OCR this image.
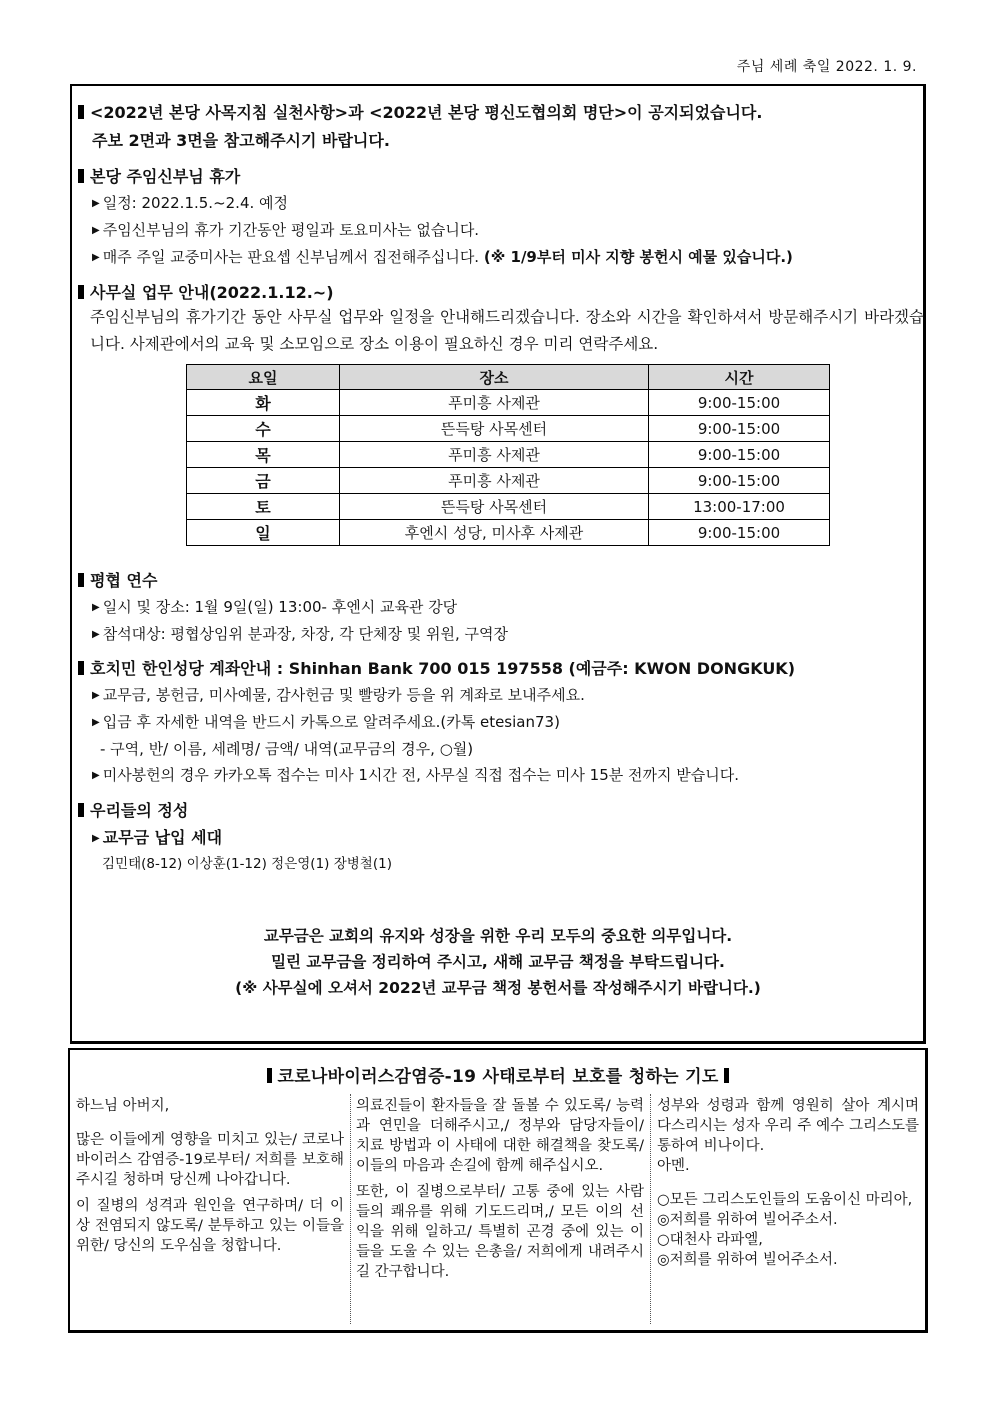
주님 세례 축일 2022. 1. 9.
<2022년 본당 사목지침 실천사항>과 <2022년 본당 평신도협의회 명단>이 공지되었습니다.
주보 2면과 3면을 참고해주시기 바랍니다.
본당 주임신부님 휴가
▶ 일정: 2022.1.5.~2.4. 예정
▶ 주임신부님의 휴가 기간동안 평일과 토요미사는 없습니다.
▶ 매주 주일 교중미사는 판요셉 신부님께서 집전해주십니다. (※ 1/9부터 미사 지향 봉헌시 예물 있습니다.)
사무실 업무 안내(2022.1.12.~)
주임신부님의 휴가기간 동안 사무실 업무와 일정을 안내해드리겠습니다. 장소와 시간을 확인하셔서 방문해주시기 바라겠습니다. 사제관에서의 교육 및 소모임으로 장소 이용이 필요하신 경우 미리 연락주세요.
요일	장소	시간
화	푸미흥 사제관	9:00-15:00
수	뜬득탕 사목센터	9:00-15:00
목	푸미흥 사제관	9:00-15:00
금	푸미흥 사제관	9:00-15:00
토	뜬득탕 사목센터	13:00-17:00
일	후엔시 성당, 미사후 사제관	9:00-15:00
평협 연수
▶ 일시 및 장소: 1월 9일(일) 13:00- 후엔시 교육관 강당
▶ 참석대상: 평협상임위 분과장, 차장, 각 단체장 및 위원, 구역장
호치민 한인성당 계좌안내 : Shinhan Bank 700 015 197558 (예금주: KWON DONGKUK)
▶ 교무금, 봉헌금, 미사예물, 감사헌금 및 빨랑카 등을 위 계좌로 보내주세요.
▶ 입금 후 자세한 내역을 반드시 카톡으로 알려주세요.(카톡 etesian73)
- 구역, 반/ 이름, 세례명/ 금액/ 내역(교무금의 경우, ○월)
▶ 미사봉헌의 경우 카카오톡 접수는 미사 1시간 전, 사무실 직접 접수는 미사 15분 전까지 받습니다.
우리들의 정성
▶ 교무금 납입 세대
김민태(8-12) 이상훈(1-12) 정은영(1) 장병철(1)
교무금은 교회의 유지와 성장을 위한 우리 모두의 중요한 의무입니다.
밀린 교무금을 정리하여 주시고, 새해 교무금 책정을 부탁드립니다.
(※ 사무실에 오셔서 2022년 교무금 책정 봉헌서를 작성해주시기 바랍니다.)
코로나바이러스감염증-19 사태로부터 보호를 청하는 기도

하느님 아버지,

많은 이들에게 영향을 미치고 있는/ 코로나 바이러스 감염증-19로부터/ 저희를 보호해주시길 청하며 당신께 나아갑니다.

이 질병의 성격과 원인을 연구하며/ 더 이상 전염되지 않도록/ 분투하고 있는 이들을 위한/ 당신의 도우심을 청합니다.

의료진들이 환자들을 잘 돌볼 수 있도록/ 능력과 연민을 더해주시고,/ 정부와 담당자들이/ 치료 방법과 이 사태에 대한 해결책을 찾도록/ 이들의 마음과 손길에 함께 해주십시오.

또한, 이 질병으로부터/ 고통 중에 있는 사람들의 쾌유를 위해 기도드리며,/ 모든 이의 선익을 위해 일하고/ 특별히 곤경 중에 있는 이들을 도울 수 있는 은총을/ 저희에게 내려주시길 간구합니다.

성부와 성령과 함께 영원히 살아 계시며 다스리시는 성자 우리 주 예수 그리스도를 통하여 비나이다.

아멘.

○모든 그리스도인들의 도움이신 마리아,

◎저희를 위하여 빌어주소서.

○대천사 라파엘,

◎저희를 위하여 빌어주소서.
